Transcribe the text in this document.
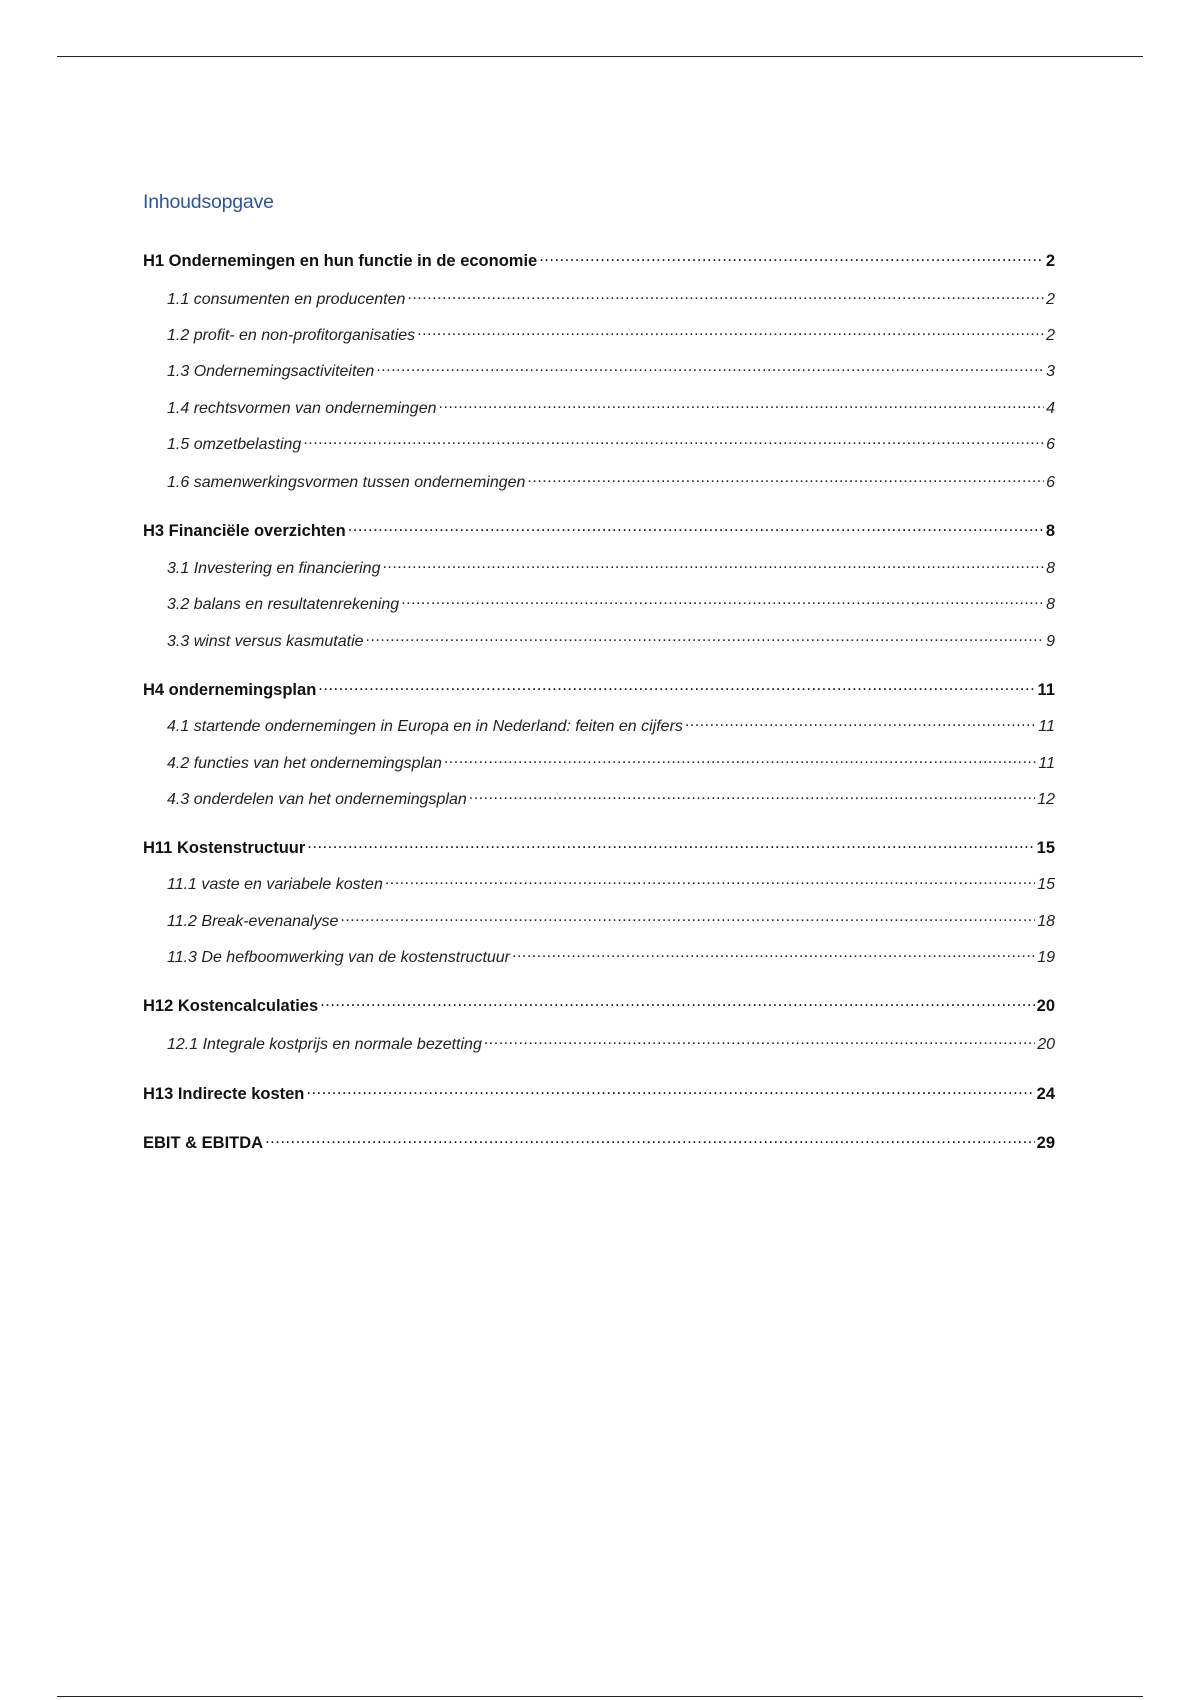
Inhoudsopgave
H1 Ondernemingen en hun functie in de economie .....	2
1.1 consumenten en producenten .....	2
1.2 profit- en non-profitorganisaties .....	2
1.3 Ondernemingsactiviteiten .....	3
1.4 rechtsvormen van ondernemingen .....	4
1.5 omzetbelasting .....	6
1.6 samenwerkingsvormen tussen ondernemingen .....	6
H3 Financiële overzichten .....	8
3.1 Investering en financiering .....	8
3.2 balans en resultatenrekening .....	8
3.3 winst versus kasmutatie .....	9
H4 ondernemingsplan .....	11
4.1 startende ondernemingen in Europa en in Nederland: feiten en cijfers .....	11
4.2 functies van het ondernemingsplan .....	11
4.3 onderdelen van het ondernemingsplan .....	12
H11 Kostenstructuur .....	15
11.1 vaste en variabele kosten .....	15
11.2 Break-evenanalyse .....	18
11.3 De hefboomwerking van de kostenstructuur .....	19
H12 Kostencalculaties .....	20
12.1 Integrale kostprijs en normale bezetting .....	20
H13 Indirecte kosten .....	24
EBIT & EBITDA .....	29
